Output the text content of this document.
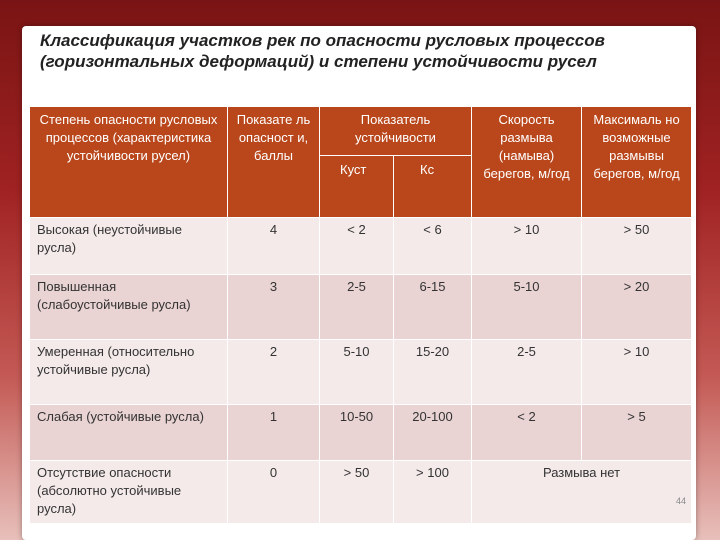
Классификация участков рек по опасности русловых процессов (горизонтальных деформаций) и степени устойчивости русел
Степень опасности русловых процессов (характеристика устойчивости русел)	Показате ль опасност и, баллы	Показатель устойчивости		Скорость размыва (намыва) берегов, м/год	Максималь но возможные размывы берегов, м/год
		Куст	Кс		
Высокая (неустойчивые русла)	4	< 2	< 6	> 10	> 50
Повышенная (слабоустойчивые русла)	3	2-5	6-15	5-10	> 20
Умеренная (относительно устойчивые русла)	2	5-10	15-20	2-5	> 10
Слабая (устойчивые русла)	1	10-50	20-100	< 2	> 5
Отсутствие опасности (абсолютно устойчивые русла)	0	> 50	> 100	Размыва нет	
44
